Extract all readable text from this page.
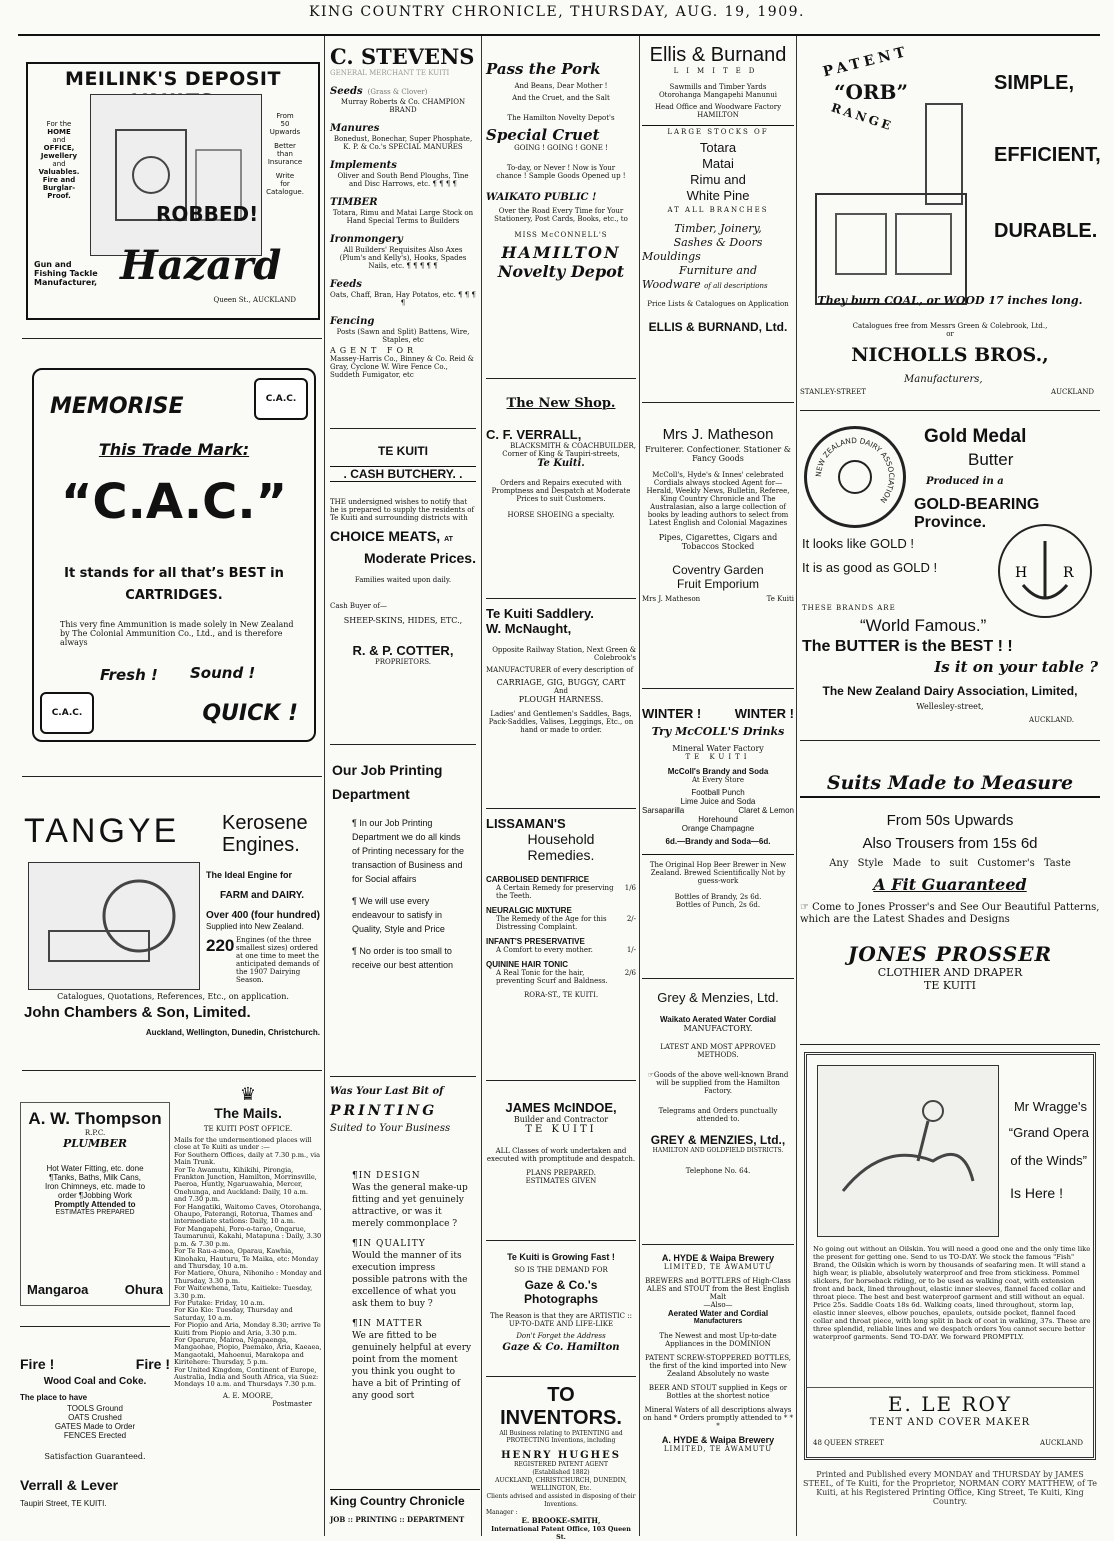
KING COUNTRY CHRONICLE, THURSDAY, AUG. 19, 1909.
MEILINK'S DEPOSIT
For the
HOME
and
OFFICE,
Jewellery
and
Valuables.
Fire and
Burglar-
Proof.
ROBBED!
From
50
Upwards
Better
than
Insurance
Write
for
Catalogue.
Gun and
Fishing Tackle
Manufacturer, Hazard
Queen St., AUCKLAND
C.A.C.
MEMORISE
This Trade Mark:
“C.A.C.”
It stands for all that’s BEST in
CARTRIDGES.
This very fine Ammunition is made solely in New Zealand by The Colonial Ammunition Co., Ltd., and is therefore always
Fresh ! Sound !
C.A.C.	QUICK !
TANGYE Kerosene
Engines.
The Ideal Engine for
FARM and DAIRY.
Over 400 (four hundred)
Supplied into New Zealand.
220 Engines (of the three smallest sizes) ordered at one time to meet the anticipated demands of the 1907 Dairying Season.
Catalogues, Quotations, References, Etc., on application.
John Chambers & Son, Limited.
Auckland, Wellington, Dunedin, Christchurch.
A. W. Thompson
R.P.C.
PLUMBER
Hot Water Fitting, etc. done
¶Tanks, Baths, Milk Cans,
Iron Chimneys, etc. made to
order ¶Jobbing Work
Promptly Attended to
ESTIMATES PREPARED
Mangaroa	Ohura
Fire !	Fire !
Wood Coal and Coke.
The place to have
TOOLS Ground
OATS Crushed
GATES Made to Order
FENCES Erected
Satisfaction Guaranteed.
Verrall & Lever
Taupiri Street, TE KUITI.
♛
The Mails.
TE KUITI POST OFFICE.
Mails for the undermentioned places will close at Te Kuiti as under :—
For Southern Offices, daily at 7.30 p.m., via Main Trunk.
For Te Awamutu, Kihikihi, Pirongia, Frankton Junction, Hamilton, Morrinsville, Paeroa, Huntly, Ngaruawahia, Mercer, Onehunga, and Auckland: Daily, 10 a.m. and 7.30 p.m.
For Hangatiki, Waitomo Caves, Otorohanga, Ohaupo, Paterangi, Rotorua, Thames and intermediate stations: Daily, 10 a.m.
For Mangapehi, Poro-o-tarao, Ongarue, Taumarunui, Kakahi, Matapuna : Daily, 3.30 p.m. & 7.30 p.m.
For Te Rau-a-moa, Oparau, Kawhia, Kinohaku, Hauturu, Te Maika, etc: Monday and Thursday, 10 a.m.
For Matiere, Ohura, Nihoniho : Monday and Thursday, 3.30 p.m.
For Waitewhena, Tatu, Kaitieke: Tuesday, 3.30 p.m.
For Putake: Friday, 10 a.m.
For Kio Kio: Tuesday, Thursday and Saturday, 10 a.m.
For Piopio and Aria, Monday 8.30; arrive Te Kuiti from Piopio and Aria, 3.30 p.m.
For Oparure, Mairoa, Ngapaenga, Mangaohae, Piopio, Paemako, Aria, Kaeaea, Mangaotaki, Mahoenui, Marakopa and Kiritehere: Thursday, 5 p.m.
For United Kingdom, Continent of Europe, Australia, India and South Africa, via Suez: Mondays 10 a.m. and Thursdays 7.30 p.m.
A. E. MOORE,
Postmaster
C. STEVENS
GENERAL MERCHANT TE KUITI
Seeds (Grass & Clover)
Murray Roberts & Co. CHAMPION BRAND
Manures
Bonedust, Bonechar, Super Phosphate, K. P. & Co.'s SPECIAL MANURES
Implements
Oliver and South Bend Ploughs, Tine and Disc Harrows, etc. ¶ ¶ ¶ ¶
TIMBER
Totara, Rimu and Matai Large Stock on Hand Special Terms to Builders
Ironmongery
All Builders' Requisites Also Axes (Plum's and Kelly's), Hooks, Spades Nails, etc. ¶ ¶ ¶ ¶ ¶
Feeds
Oats, Chaff, Bran, Hay Potatos, etc. ¶ ¶ ¶ ¶
Fencing
Posts (Sawn and Split) Battens, Wire, Staples, etc
AGENT FOR
Massey-Harris Co., Binney & Co. Reid & Gray, Cyclone W. Wire Fence Co., Suddeth Fumigator, etc
TE KUITI
. CASH BUTCHERY. .
THE undersigned wishes to notify that he is prepared to supply the residents of Te Kuiti and surrounding districts with
CHOICE MEATS, AT
Moderate Prices.
Families waited upon daily.
Cash Buyer of—
SHEEP-SKINS, HIDES, ETC.,
R. & P. COTTER,
PROPRIETORS.
Our Job Printing
Department
¶ In our Job Printing Department we do all kinds of Printing necessary for the transaction of Business and for Social affairs
¶ We will use every endeavour to satisfy in Quality, Style and Price
¶ No order is too small to receive our best attention
Was Your Last Bit of
PRINTING
Suited to Your Business
¶IN DESIGN
Was the general make-up fitting and yet genuinely attractive, or was it merely commonplace ?
¶IN QUALITY
Would the manner of its execution impress possible patrons with the excellence of what you ask them to buy ?
¶IN MATTER
We are fitted to be genuinely helpful at every point from the moment you think you ought to have a bit of Printing of any good sort
King Country Chronicle
JOB :: PRINTING :: DEPARTMENT
Pass the Pork
And Beans, Dear Mother !
And the Cruet, and the Salt
The Hamilton Novelty Depot's
Special Cruet
GOING ! GOING ! GONE !
To-day, or Never ! Now is Your chance ! Sample Goods Opened up !
WAIKATO PUBLIC !
Over the Road Every Time for Your Stationery, Post Cards, Books, etc., to
MISS McCONNELL'S
HAMILTON
Novelty Depot
The New Shop.
C. F. VERRALL,
BLACKSMITH & COACHBUILDER,
Corner of King & Taupiri-streets,
Te Kuiti.
Orders and Repairs executed with Promptness and Despatch at Moderate Prices to suit Customers.
HORSE SHOEING a specialty.
Te Kuiti Saddlery.
W. McNaught,
Opposite Railway Station, Next Green & Colebrook's
MANUFACTURER of every description of
CARRIAGE, GIG, BUGGY, CART
And
PLOUGH HARNESS.
Ladies' and Gentlemen's Saddles, Bags, Pack-Saddles, Valises, Leggings, Etc., on hand or made to order.
LISSAMAN'S
Household
Remedies.
CARBOLISED DENTIFRICE
A Certain Remedy for preserving the Teeth.
1/6
NEURALGIC MIXTURE
The Remedy of the Age for this Distressing Complaint.
2/-
INFANT'S PRESERVATIVE
A Comfort to every mother.	1/-
QUININE HAIR TONIC
A Real Tonic for the hair, preventing Scurf and Baldness.
2/6
RORA-ST., TE KUITI.
JAMES McINDOE,
Builder and Contractor
TE KUITI
ALL Classes of work undertaken and executed with promptitude and despatch.
PLANS PREPARED.
ESTIMATES GIVEN
Te Kuiti is Growing Fast !
SO IS THE DEMAND FOR
Gaze & Co.'s Photographs
The Reason is that they are ARTISTIC :: UP-TO-DATE AND LIFE-LIKE
Don't Forget the Address
Gaze & Co. Hamilton
TO INVENTORS.
All Business relating to PATENTING and PROTECTING Inventions, including
HENRY HUGHES
REGISTERED PATENT AGENT
(Established 1882)
AUCKLAND, CHRISTCHURCH, DUNEDIN, WELLINGTON, Etc.
Clients advised and assisted in disposing of their Inventions.
Manager :
E. BROOKE-SMITH,
International Patent Office, 103 Queen St.
Ellis & Burnand
LIMITED
Sawmills and Timber Yards
Otorohanga Mangapehi Manunui
Head Office and Woodware Factory
HAMILTON
LARGE STOCKS OF
Totara
Matai
Rimu and
White Pine
AT ALL BRANCHES
Timber, Joinery,
Sashes & Doors
Mouldings
Furniture and
Woodware of all descriptions
Price Lists & Catalogues on Application
ELLIS & BURNAND, Ltd.
Mrs J. Matheson
Fruiterer. Confectioner. Stationer & Fancy Goods
McColl's, Hyde's & Innes' celebrated Cordials always stocked Agent for— Herald, Weekly News, Bulletin, Referee, King Country Chronicle and The Australasian, also a large collection of books by leading authors to select from Latest English and Colonial Magazines
Pipes, Cigarettes, Cigars and Tobaccos Stocked
Coventry Garden
Fruit Emporium
Mrs J. Matheson	Te Kuiti
WINTER !	WINTER !
Try McCOLL'S Drinks
Mineral Water Factory
TE KUITI
McColl's Brandy and Soda
At Every Store
Football Punch
Lime Juice and Soda
Sarsaparilla	Claret & Lemon
Horehound
Orange Champagne
6d.—Brandy and Soda—6d.
The Original Hop Beer Brewer in New Zealand. Brewed Scientifically Not by guess-work
Bottles of Brandy, 2s 6d.
Bottles of Punch, 2s 6d.
Grey & Menzies, Ltd.
Waikato Aerated Water Cordial
MANUFACTORY.
LATEST AND MOST APPROVED METHODS.
☞Goods of the above well-known Brand will be supplied from the Hamilton Factory.
Telegrams and Orders punctually attended to.
GREY & MENZIES, Ltd.,
HAMILTON AND GOLDFIELD DISTRICTS.
Telephone No. 64.
A. HYDE & Waipa Brewery
LIMITED, TE AWAMUTU
BREWERS and BOTTLERS of High-Class ALES and STOUT from the Best English Malt
—Also—
Aerated Water and Cordial
Manufacturers
The Newest and most Up-to-date Appliances in the DOMINION
PATENT SCREW-STOPPERED BOTTLES, the first of the kind imported into New Zealand Absolutely no waste
BEER AND STOUT supplied in Kegs or Bottles at the shortest notice
Mineral Waters of all descriptions always on hand * Orders promptly attended to * * *
A. HYDE & Waipa Brewery
LIMITED, TE AWAMUTU
PATENT
“ORB”
RANGE
SIMPLE,
EFFICIENT,
DURABLE.
They burn COAL, or WOOD 17 inches long.
Catalogues free from Messrs Green & Colebrook, Ltd., or
NICHOLLS BROS.,
Manufacturers,
STANLEY-STREET	AUCKLAND
NEW ZEALAND DAIRY ASSOCIATION
Gold Medal
Butter
Produced in a
GOLD-BEARING Province.
It looks like GOLD !
It is as good as GOLD !	H	R
THESE BRANDS ARE
“World Famous.”
The BUTTER is the BEST ! !
Is it on your table ?
The New Zealand Dairy Association, Limited,
Wellesley-street,
AUCKLAND.
Suits Made to Measure
From 50s Upwards
Also Trousers from 15s 6d
Any Style Made to suit Customer's Taste
A Fit Guaranteed
☞ Come to Jones Prosser's and See Our Beautiful Patterns, which are the Latest Shades and Designs
JONES PROSSER
CLOTHIER AND DRAPER
TE KUITI
Mr Wragge's
“Grand Opera
of the Winds”
Is Here !
No going out without an Oilskin. You will need a good one and the only time like the present for getting one. Send to us TO-DAY. We stock the famous "Fish" Brand, the Oilskin which is worn by thousands of seafaring men. It will stand a high wear, is pliable, absolutely waterproof and free from stickiness. Pommel slickers, for horseback riding, or to be used as walking coat, with extension front and back, lined throughout, elastic inner sleeves, flannel faced collar and throat piece. The best and best waterproof garment and still without an equal. Price 25s. Saddle Coats 18s 6d. Walking coats, lined throughout, storm lap, elastic inner sleeves, elbow pouches, epaulets, outside pocket, flannel faced collar and throat piece, with long split in back of coat in walking, 37s. These are three splendid, reliable lines and we despatch orders You cannot secure better waterproof garments. Send TO-DAY. We forward PROMPTLY.
E. LE ROY
TENT AND COVER MAKER
48 QUEEN STREET	AUCKLAND
Printed and Published every MONDAY and THURSDAY by JAMES STEEL, of Te Kuiti, for the Proprietor, NORMAN CORY MATTHEW, of Te Kuiti, at his Registered Printing Office, King Street, Te Kuiti, King Country.
